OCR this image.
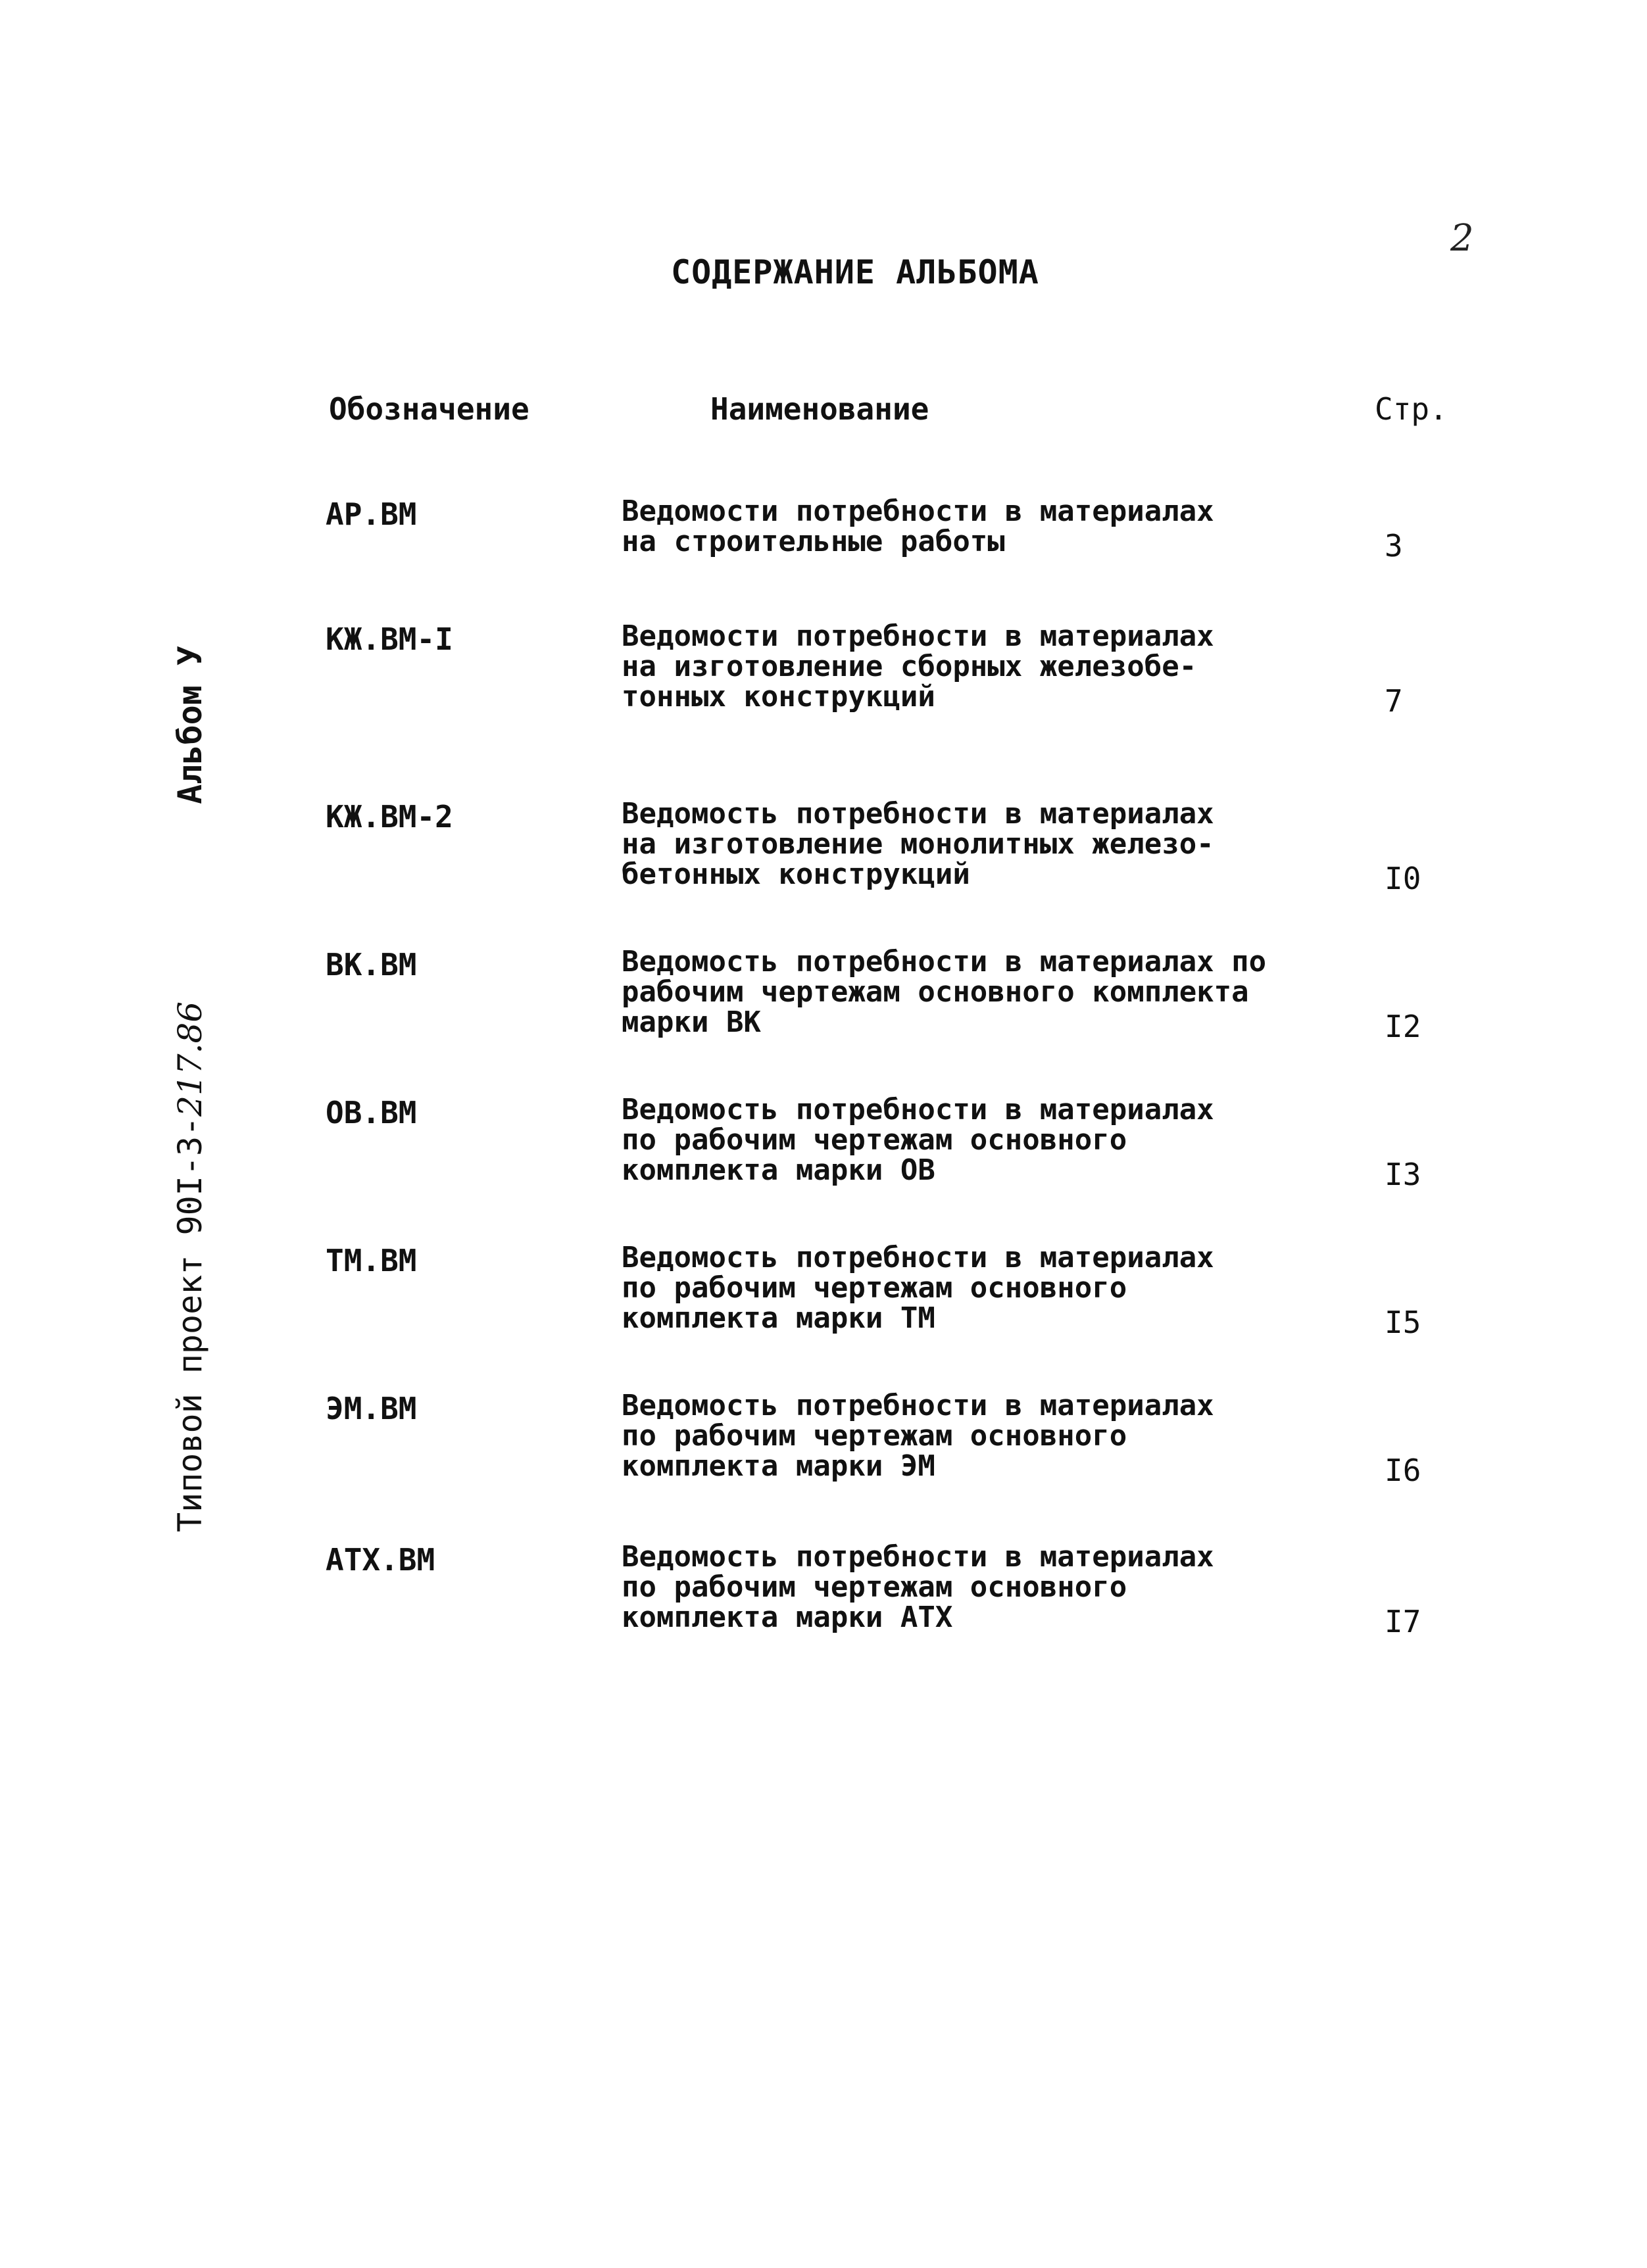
2
СОДЕРЖАНИЕ АЛЬБОМА
Типовой проект 90I-3-217.86 Альбом У
Обозначение	Наименование	Стр.
АР.ВМ	Ведомости потребности в материалах
на строительные работы	3
КЖ.ВМ-I	Ведомости потребности в материалах
на изготовление сборных железобе-
тонных конструкций	7
КЖ.ВМ-2	Ведомость потребности в материалах
на изготовление монолитных железо-
бетонных конструкций	I0
ВК.ВМ	Ведомость потребности в материалах по
рабочим чертежам основного комплекта
марки ВК	I2
ОВ.ВМ	Ведомость потребности в материалах
по рабочим чертежам основного
комплекта марки ОВ	I3
ТМ.ВМ	Ведомость потребности в материалах
по рабочим чертежам основного
комплекта марки ТМ	I5
ЭМ.ВМ	Ведомость потребности в материалах
по рабочим чертежам основного
комплекта марки ЭМ	I6
АТХ.ВМ	Ведомость потребности в материалах
по рабочим чертежам основного
комплекта марки АТХ	I7
